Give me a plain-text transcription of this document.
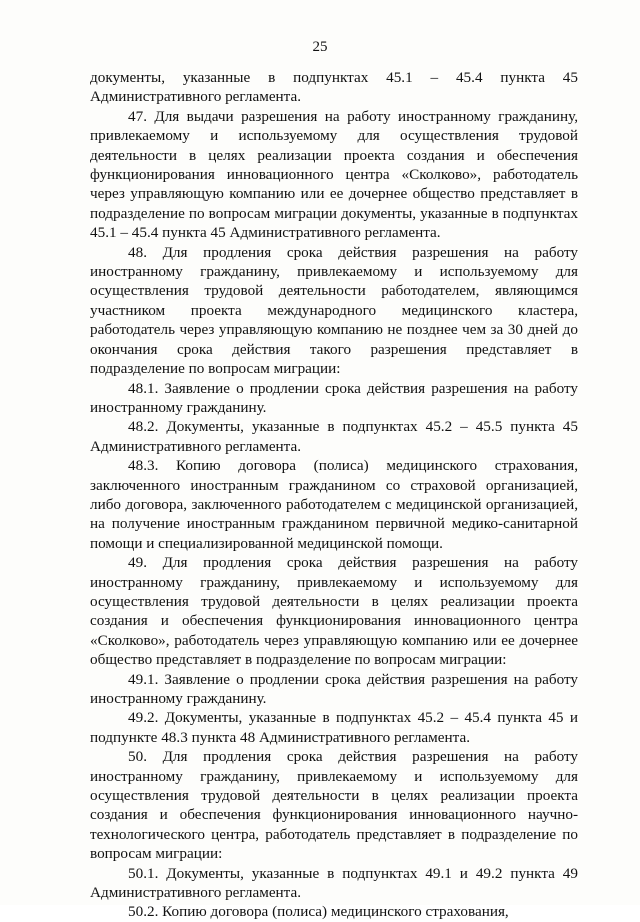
25

документы, указанные в подпунктах 45.1 – 45.4 пункта 45 Административного регламента.

47. Для выдачи разрешения на работу иностранному гражданину, привлекаемому и используемому для осуществления трудовой деятельности в целях реализации проекта создания и обеспечения функционирования инновационного центра «Сколково», работодатель через управляющую компанию или ее дочернее общество представляет в подразделение по вопросам миграции документы, указанные в подпунктах 45.1 – 45.4 пункта 45 Административного регламента.

48. Для продления срока действия разрешения на работу иностранному гражданину, привлекаемому и используемому для осуществления трудовой деятельности работодателем, являющимся участником проекта международного медицинского кластера, работодатель через управляющую компанию не позднее чем за 30 дней до окончания срока действия такого разрешения представляет в подразделение по вопросам миграции:

48.1. Заявление о продлении срока действия разрешения на работу иностранному гражданину.

48.2. Документы, указанные в подпунктах 45.2 – 45.5 пункта 45 Административного регламента.

48.3. Копию договора (полиса) медицинского страхования, заключенного иностранным гражданином со страховой организацией, либо договора, заключенного работодателем с медицинской организацией, на получение иностранным гражданином первичной медико-санитарной помощи и специализированной медицинской помощи.

49. Для продления срока действия разрешения на работу иностранному гражданину, привлекаемому и используемому для осуществления трудовой деятельности в целях реализации проекта создания и обеспечения функционирования инновационного центра «Сколково», работодатель через управляющую компанию или ее дочернее общество представляет в подразделение по вопросам миграции:

49.1. Заявление о продлении срока действия разрешения на работу иностранному гражданину.

49.2. Документы, указанные в подпунктах 45.2 – 45.4 пункта 45 и подпункте 48.3 пункта 48 Административного регламента.

50. Для продления срока действия разрешения на работу иностранному гражданину, привлекаемому и используемому для осуществления трудовой деятельности в целях реализации проекта создания и обеспечения функционирования инновационного научно-технологического центра, работодатель представляет в подразделение по вопросам миграции:

50.1. Документы, указанные в подпунктах 49.1 и 49.2 пункта 49 Административного регламента.

50.2. Копию договора (полиса) медицинского страхования,
